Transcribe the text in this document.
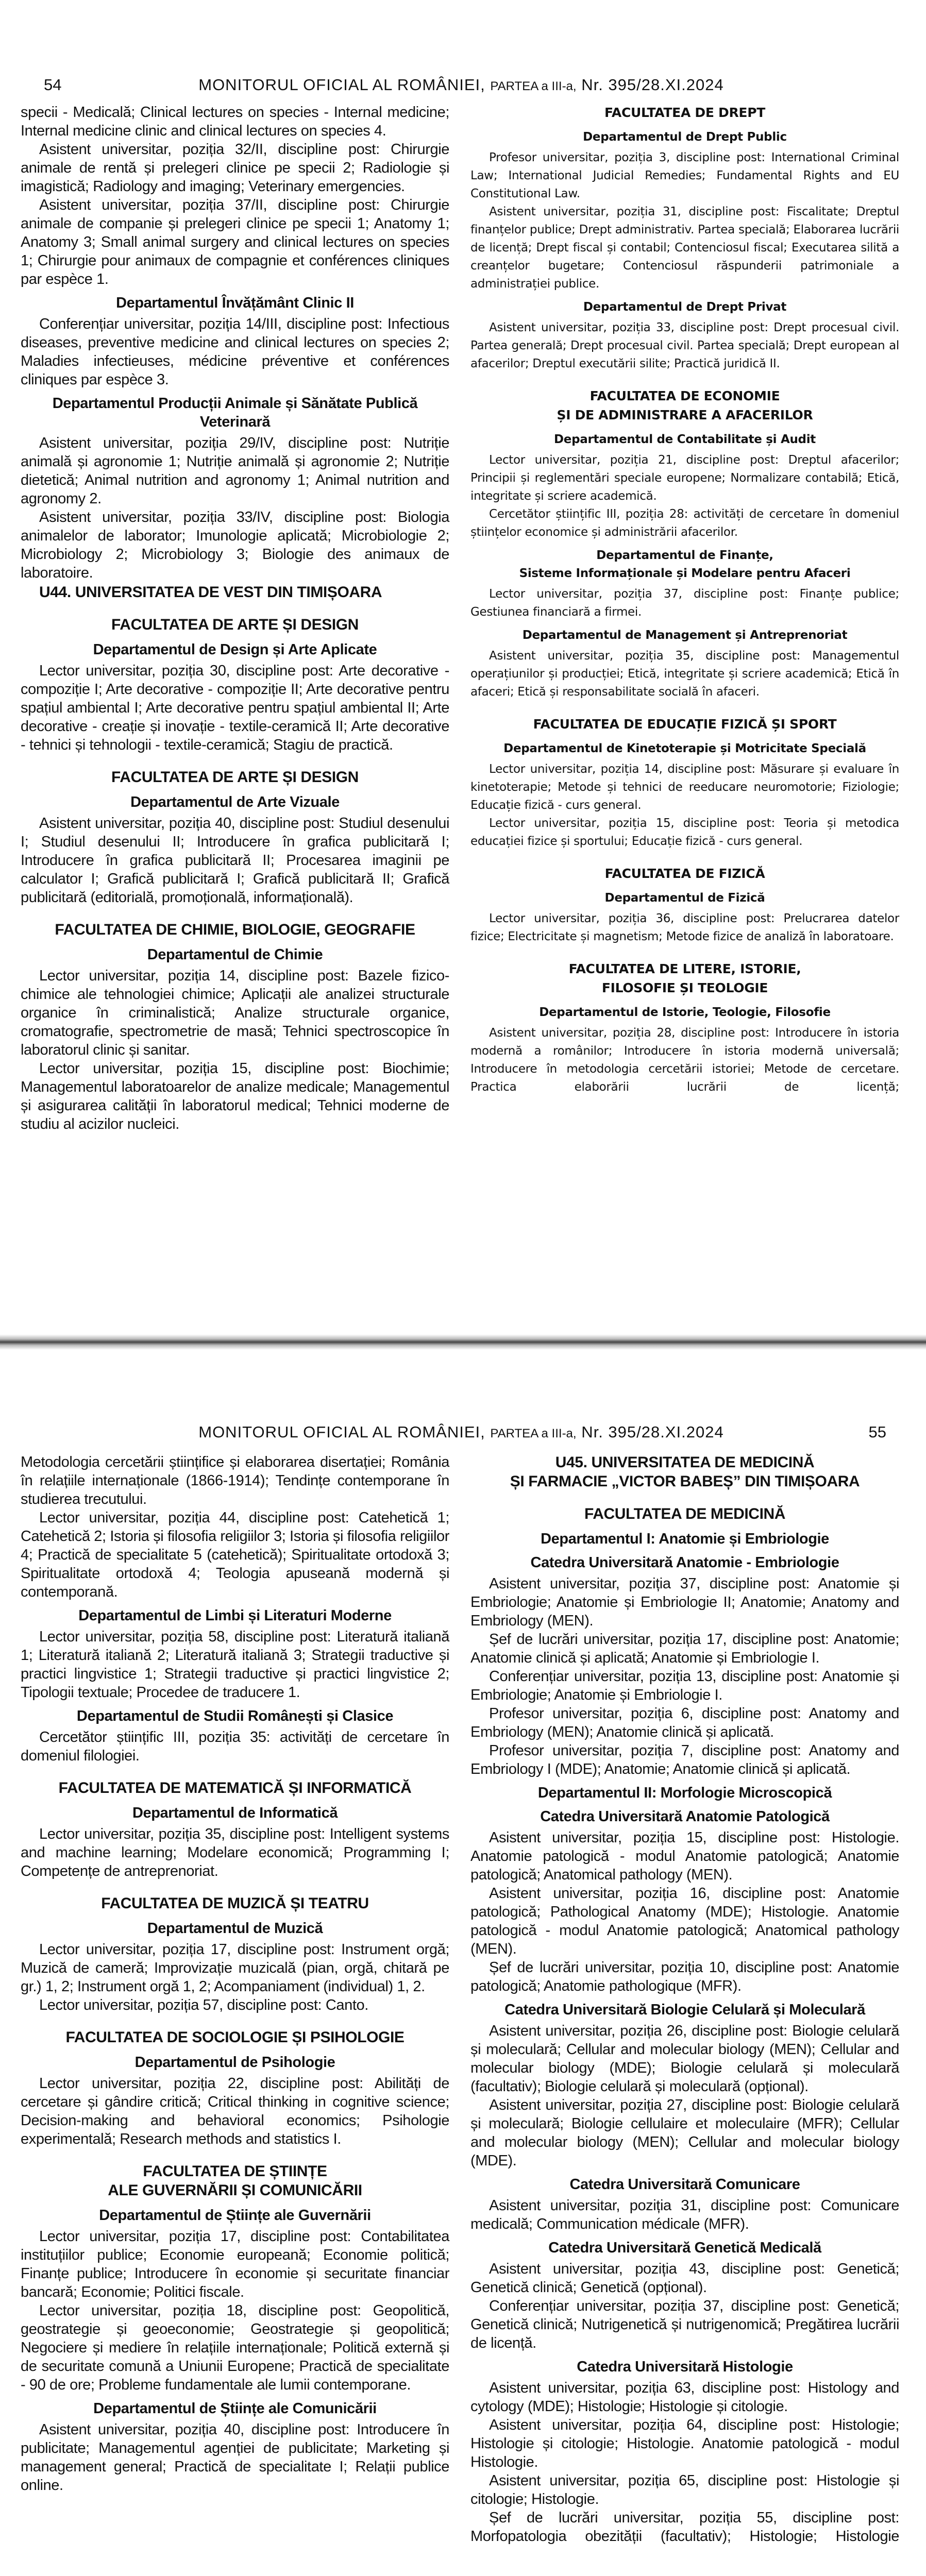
54	MONITORUL OFICIAL AL ROMÂNIEI, PARTEA a III-a, Nr. 395/28.XI.2024

specii - Medicală; Clinical lectures on species - Internal medicine; Internal medicine clinic and clinical lectures on species 4.

Asistent universitar, poziția 32/II, discipline post: Chirurgie animale de rentă și prelegeri clinice pe specii 2; Radiologie și imagistică; Radiology and imaging; Veterinary emergencies.

Asistent universitar, poziția 37/II, discipline post: Chirurgie animale de companie și prelegeri clinice pe specii 1; Anatomy 1; Anatomy 3; Small animal surgery and clinical lectures on species 1; Chirurgie pour animaux de compagnie et conférences cliniques par espèce 1.

Departamentul Învățământ Clinic II

Conferențiar universitar, poziția 14/III, discipline post: Infectious diseases, preventive medicine and clinical lectures on species 2; Maladies infectieuses, médicine préventive et conférences cliniques par espèce 3.

Departamentul Producții Animale și Sănătate Publică Veterinară

Asistent universitar, poziția 29/IV, discipline post: Nutriție animală și agronomie 1; Nutriție animală și agronomie 2; Nutriție dietetică; Animal nutrition and agronomy 1; Animal nutrition and agronomy 2.

Asistent universitar, poziția 33/IV, discipline post: Biologia animalelor de laborator; Imunologie aplicată; Microbiologie 2; Microbiology 2; Microbiology 3; Biologie des animaux de laboratoire.

U44. UNIVERSITATEA DE VEST DIN TIMIȘOARA
FACULTATEA DE ARTE ȘI DESIGN
Departamentul de Design și Arte Aplicate

Lector universitar, poziția 30, discipline post: Arte decorative - compoziție I; Arte decorative - compoziție II; Arte decorative pentru spațiul ambiental I; Arte decorative pentru spațiul ambiental II; Arte decorative - creație și inovație - textile-ceramică II; Arte decorative - tehnici și tehnologii - textile-ceramică; Stagiu de practică.

FACULTATEA DE ARTE ȘI DESIGN
Departamentul de Arte Vizuale

Asistent universitar, poziția 40, discipline post: Studiul desenului I; Studiul desenului II; Introducere în grafica publicitară I; Introducere în grafica publicitară II; Procesarea imaginii pe calculator I; Grafică publicitară I; Grafică publicitară II; Grafică publicitară (editorială, promoțională, informațională).

FACULTATEA DE CHIMIE, BIOLOGIE, GEOGRAFIE
Departamentul de Chimie

Lector universitar, poziția 14, discipline post: Bazele fizico-chimice ale tehnologiei chimice; Aplicații ale analizei structurale organice în criminalistică; Analize structurale organice, cromatografie, spectrometrie de masă; Tehnici spectroscopice în laboratorul clinic și sanitar.

Lector universitar, poziția 15, discipline post: Biochimie; Managementul laboratoarelor de analize medicale; Managementul și asigurarea calității în laboratorul medical; Tehnici moderne de studiu al acizilor nucleici.

FACULTATEA DE DREPT
Departamentul de Drept Public

Profesor universitar, poziția 3, discipline post: International Criminal Law; International Judicial Remedies; Fundamental Rights and EU Constitutional Law.

Asistent universitar, poziția 31, discipline post: Fiscalitate; Dreptul finanțelor publice; Drept administrativ. Partea specială; Elaborarea lucrării de licență; Drept fiscal și contabil; Contenciosul fiscal; Executarea silită a creanțelor bugetare; Contenciosul răspunderii patrimoniale a administrației publice.

Departamentul de Drept Privat

Asistent universitar, poziția 33, discipline post: Drept procesual civil. Partea generală; Drept procesual civil. Partea specială; Drept european al afacerilor; Dreptul executării silite; Practică juridică II.

FACULTATEA DE ECONOMIE
ȘI DE ADMINISTRARE A AFACERILOR
Departamentul de Contabilitate și Audit

Lector universitar, poziția 21, discipline post: Dreptul afacerilor; Principii și reglementări speciale europene; Normalizare contabilă; Etică, integritate și scriere academică.

Cercetător științific III, poziția 28: activități de cercetare în domeniul științelor economice și administrării afacerilor.

Departamentul de Finanțe,
Sisteme Informaționale și Modelare pentru Afaceri

Lector universitar, poziția 37, discipline post: Finanțe publice; Gestiunea financiară a firmei.

Departamentul de Management și Antreprenoriat

Asistent universitar, poziția 35, discipline post: Managementul operațiunilor și producției; Etică, integritate și scriere academică; Etică în afaceri; Etică și responsabilitate socială în afaceri.

FACULTATEA DE EDUCAȚIE FIZICĂ ȘI SPORT
Departamentul de Kinetoterapie și Motricitate Specială

Lector universitar, poziția 14, discipline post: Măsurare și evaluare în kinetoterapie; Metode și tehnici de reeducare neuromotorie; Fiziologie; Educație fizică - curs general.

Lector universitar, poziția 15, discipline post: Teoria și metodica educației fizice și sportului; Educație fizică - curs general.

FACULTATEA DE FIZICĂ
Departamentul de Fizică

Lector universitar, poziția 36, discipline post: Prelucrarea datelor fizice; Electricitate și magnetism; Metode fizice de analiză în laboratoare.

FACULTATEA DE LITERE, ISTORIE,
FILOSOFIE ȘI TEOLOGIE
Departamentul de Istorie, Teologie, Filosofie

Asistent universitar, poziția 28, discipline post: Introducere în istoria modernă a românilor; Introducere în istoria modernă universală; Introducere în metodologia cercetării istoriei; Metode de cercetare. Practica elaborării lucrării de licență;

MONITORUL OFICIAL AL ROMÂNIEI, PARTEA a III-a, Nr. 395/28.XI.2024	55

Metodologia cercetării științifice și elaborarea disertației; România în relațiile internaționale (1866-1914); Tendințe contemporane în studierea trecutului.

Lector universitar, poziția 44, discipline post: Catehetică 1; Catehetică 2; Istoria și filosofia religiilor 3; Istoria și filosofia religiilor 4; Practică de specialitate 5 (catehetică); Spiritualitate ortodoxă 3; Spiritualitate ortodoxă 4; Teologia apuseană modernă și contemporană.

Departamentul de Limbi și Literaturi Moderne

Lector universitar, poziția 58, discipline post: Literatură italiană 1; Literatură italiană 2; Literatură italiană 3; Strategii traductive și practici lingvistice 1; Strategii traductive și practici lingvistice 2; Tipologii textuale; Procedee de traducere 1.

Departamentul de Studii Românești și Clasice

Cercetător științific III, poziția 35: activități de cercetare în domeniul filologiei.

FACULTATEA DE MATEMATICĂ ȘI INFORMATICĂ
Departamentul de Informatică

Lector universitar, poziția 35, discipline post: Intelligent systems and machine learning; Modelare economică; Programming I; Competențe de antreprenoriat.

FACULTATEA DE MUZICĂ ȘI TEATRU
Departamentul de Muzică

Lector universitar, poziția 17, discipline post: Instrument orgă; Muzică de cameră; Improvizație muzicală (pian, orgă, chitară pe gr.) 1, 2; Instrument orgă 1, 2; Acompaniament (individual) 1, 2.

Lector universitar, poziția 57, discipline post: Canto.

FACULTATEA DE SOCIOLOGIE ȘI PSIHOLOGIE
Departamentul de Psihologie

Lector universitar, poziția 22, discipline post: Abilități de cercetare și gândire critică; Critical thinking in cognitive science; Decision-making and behavioral economics; Psihologie experimentală; Research methods and statistics I.

FACULTATEA DE ȘTIINȚE
ALE GUVERNĂRII ȘI COMUNICĂRII
Departamentul de Științe ale Guvernării

Lector universitar, poziția 17, discipline post: Contabilitatea instituțiilor publice; Economie europeană; Economie politică; Finanțe publice; Introducere în economie și securitate financiar bancară; Economie; Politici fiscale.

Lector universitar, poziția 18, discipline post: Geopolitică, geostrategie și geoeconomie; Geostrategie și geopolitică; Negociere și mediere în relațiile internaționale; Politică externă și de securitate comună a Uniunii Europene; Practică de specialitate - 90 de ore; Probleme fundamentale ale lumii contemporane.

Departamentul de Științe ale Comunicării

Asistent universitar, poziția 40, discipline post: Introducere în publicitate; Managementul agenției de publicitate; Marketing și management general; Practică de specialitate I; Relații publice online.

U45. UNIVERSITATEA DE MEDICINĂ
ȘI FARMACIE „VICTOR BABEȘ” DIN TIMIȘOARA
FACULTATEA DE MEDICINĂ
Departamentul I: Anatomie și Embriologie
Catedra Universitară Anatomie - Embriologie

Asistent universitar, poziția 37, discipline post: Anatomie și Embriologie; Anatomie și Embriologie II; Anatomie; Anatomy and Embriology (MEN).

Șef de lucrări universitar, poziția 17, discipline post: Anatomie; Anatomie clinică și aplicată; Anatomie și Embriologie I.

Conferențiar universitar, poziția 13, discipline post: Anatomie și Embriologie; Anatomie și Embriologie I.

Profesor universitar, poziția 6, discipline post: Anatomy and Embriology (MEN); Anatomie clinică și aplicată.

Profesor universitar, poziția 7, discipline post: Anatomy and Embriology I (MDE); Anatomie; Anatomie clinică și aplicată.

Departamentul II: Morfologie Microscopică
Catedra Universitară Anatomie Patologică

Asistent universitar, poziția 15, discipline post: Histologie. Anatomie patologică - modul Anatomie patologică; Anatomie patologică; Anatomical pathology (MEN).

Asistent universitar, poziția 16, discipline post: Anatomie patologică; Pathological Anatomy (MDE); Histologie. Anatomie patologică - modul Anatomie patologică; Anatomical pathology (MEN).

Șef de lucrări universitar, poziția 10, discipline post: Anatomie patologică; Anatomie pathologique (MFR).

Catedra Universitară Biologie Celulară și Moleculară

Asistent universitar, poziția 26, discipline post: Biologie celulară și moleculară; Cellular and molecular biology (MEN); Cellular and molecular biology (MDE); Biologie celulară și moleculară (facultativ); Biologie celulară și moleculară (opțional).

Asistent universitar, poziția 27, discipline post: Biologie celulară și moleculară; Biologie cellulaire et moleculaire (MFR); Cellular and molecular biology (MEN); Cellular and molecular biology (MDE).

Catedra Universitară Comunicare

Asistent universitar, poziția 31, discipline post: Comunicare medicală; Communication médicale (MFR).

Catedra Universitară Genetică Medicală

Asistent universitar, poziția 43, discipline post: Genetică; Genetică clinică; Genetică (opțional).

Conferențiar universitar, poziția 37, discipline post: Genetică; Genetică clinică; Nutrigenetică și nutrigenomică; Pregătirea lucrării de licență.

Catedra Universitară Histologie

Asistent universitar, poziția 63, discipline post: Histology and cytology (MDE); Histologie; Histologie și citologie.

Asistent universitar, poziția 64, discipline post: Histologie; Histologie și citologie; Histologie. Anatomie patologică - modul Histologie.

Asistent universitar, poziția 65, discipline post: Histologie și citologie; Histologie.

Șef de lucrări universitar, poziția 55, discipline post: Morfopatologia obezității (facultativ); Histologie; Histologie
